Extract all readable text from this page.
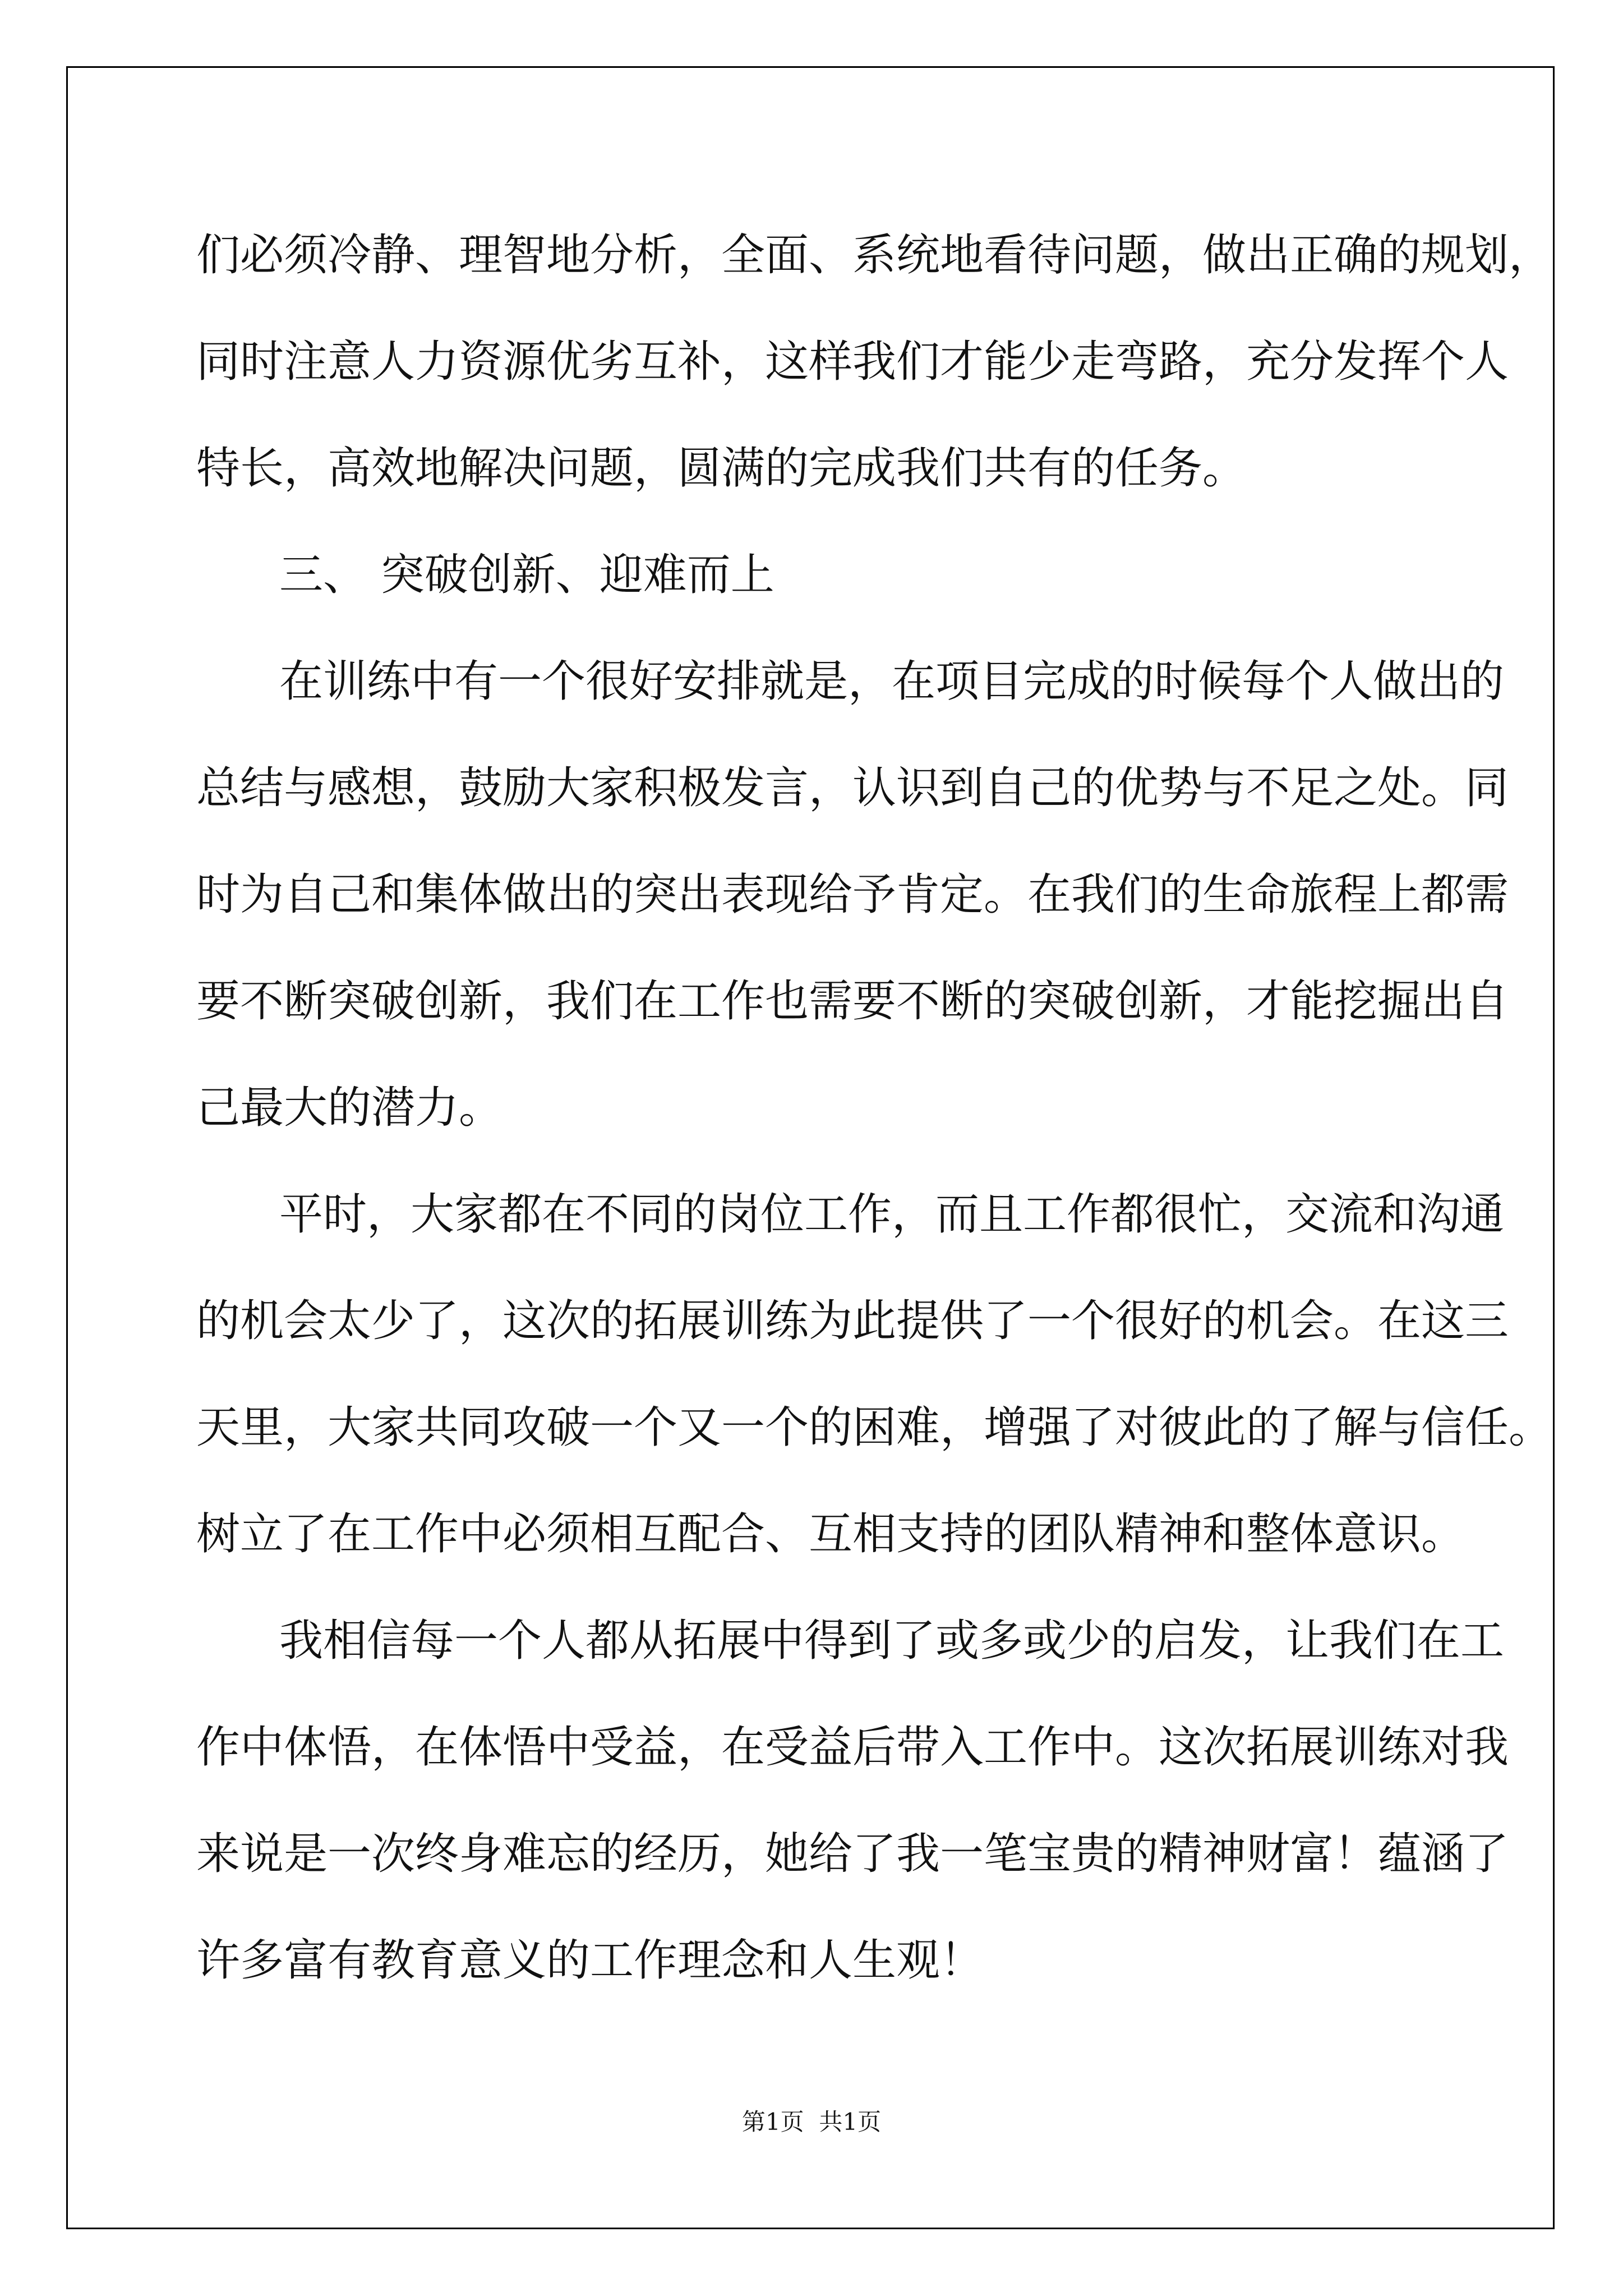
们必须冷静、理智地分析，全面、系统地看待问题，做出正确的规划，
同时注意人力资源优劣互补，这样我们才能少走弯路，充分发挥个人
特长，高效地解决问题，圆满的完成我们共有的任务。
三、 突破创新、迎难而上
在训练中有一个很好安排就是，在项目完成的时候每个人做出的
总结与感想，鼓励大家积极发言，认识到自己的优势与不足之处。同
时为自己和集体做出的突出表现给予肯定。在我们的生命旅程上都需
要不断突破创新，我们在工作也需要不断的突破创新，才能挖掘出自
己最大的潜力。
平时，大家都在不同的岗位工作，而且工作都很忙，交流和沟通
的机会太少了，这次的拓展训练为此提供了一个很好的机会。在这三
天里，大家共同攻破一个又一个的困难，增强了对彼此的了解与信任。
树立了在工作中必须相互配合、互相支持的团队精神和整体意识。
我相信每一个人都从拓展中得到了或多或少的启发，让我们在工
作中体悟，在体悟中受益，在受益后带入工作中。这次拓展训练对我
来说是一次终身难忘的经历，她给了我一笔宝贵的精神财富！蕴涵了
许多富有教育意义的工作理念和人生观！
第1页  共1页
